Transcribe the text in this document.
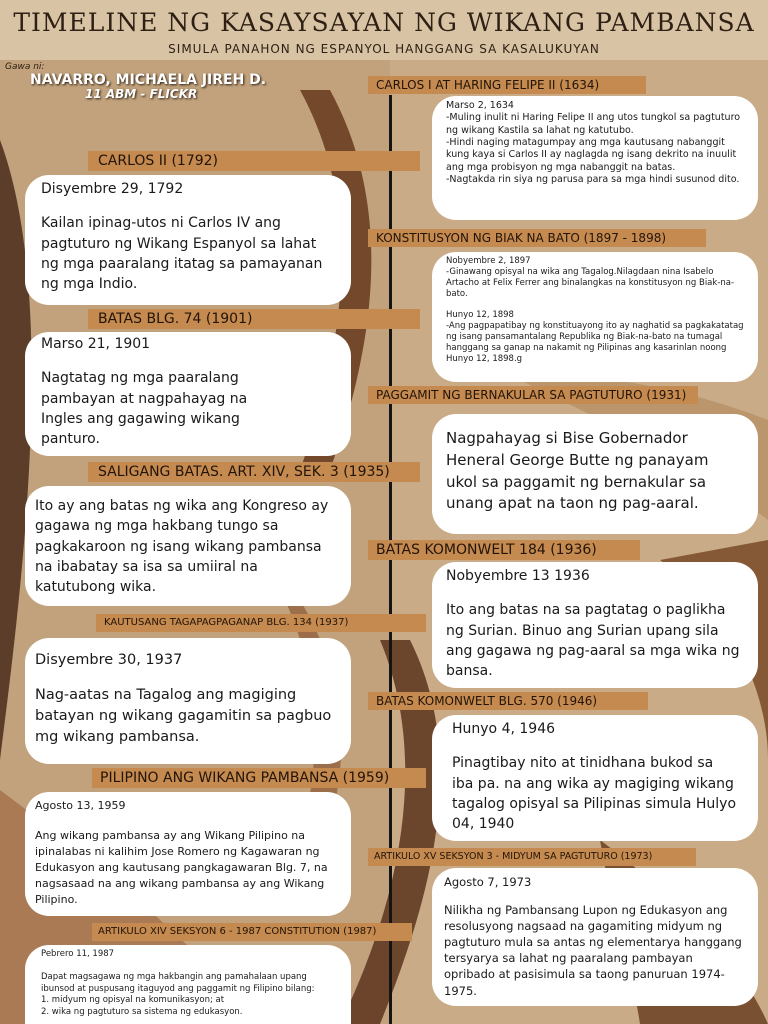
TIMELINE NG KASAYSAYAN NG WIKANG PAMBANSA
SIMULA PANAHON NG ESPANYOL HANGGANG SA KASALUKUYAN
Gawa ni:
NAVARRO, MICHAELA JIREH D.
11 ABM - FLICKR
CARLOS I AT HARING FELIPE II (1634)

Marso 2, 1634

-Muling inulit ni Haring Felipe II ang utos tungkol sa pagtuturo ng wikang Kastila sa lahat ng katutubo.
-Hindi naging matagumpay ang mga kautusang nabanggit kung kaya si Carlos II ay naglagda ng isang dekrito na inuulit ang mga probisyon ng mga nabanggit na batas.
-Nagtakda rin siya ng parusa para sa mga hindi susunod dito.

CARLOS II (1792)

Disyembre 29, 1792

Kailan ipinag-utos ni Carlos IV ang pagtuturo ng Wikang Espanyol sa lahat ng mga paaralang itatag sa pamayanan ng mga Indio.

KONSTITUSYON NG BIAK NA BATO (1897 - 1898)

Nobyembre 2, 1897

-Ginawang opisyal na wika ang Tagalog.Nilagdaan nina Isabelo Artacho at Felix Ferrer ang binalangkas na konstitusyon ng Biak-na-bato.

Hunyo 12, 1898

-Ang pagpapatibay ng konstituayong ito ay naghatid sa pagkakatatag ng isang pansamantalang Republika ng Biak-na-bato na tumagal hanggang sa ganap na nakamit ng Pilipinas ang kasarinlan noong Hunyo 12, 1898.g

BATAS BLG. 74 (1901)

Marso 21, 1901

Nagtatag ng mga paaralang pambayan at nagpahayag na Ingles ang gagawing wikang panturo.

PAGGAMIT NG BERNAKULAR SA PAGTUTURO (1931)

Nagpahayag si Bise Gobernador Heneral George Butte ng panayam ukol sa paggamit ng bernakular sa unang apat na taon ng pag-aaral.

SALIGANG BATAS. ART. XIV, SEK. 3 (1935)

Ito ay ang batas ng wika ang Kongreso ay gagawa ng mga hakbang tungo sa pagkakaroon ng isang wikang pambansa na ibabatay sa isa sa umiiral na katutubong wika.

BATAS KOMONWELT 184 (1936)

Nobyembre 13 1936

Ito ang batas na sa pagtatag o paglikha ng Surian. Binuo ang Surian upang sila ang gagawa ng pag-aaral sa mga wika ng bansa.

KAUTUSANG TAGAPAGPAGANAP BLG. 134 (1937)

Disyembre 30, 1937

Nag-aatas na Tagalog ang magiging batayan ng wikang gagamitin sa pagbuo mg wikang pambansa.

BATAS KOMONWELT BLG. 570 (1946)

Hunyo 4, 1946

Pinagtibay nito at tinidhana bukod sa iba pa. na ang wika ay magiging wikang tagalog opisyal sa Pilipinas simula Hulyo 04, 1940

PILIPINO ANG WIKANG PAMBANSA (1959)

Agosto 13, 1959

Ang wikang pambansa ay ang Wikang Pilipino na ipinalabas ni kalihim Jose Romero ng Kagawaran ng Edukasyon ang kautusang pangkagawaran Blg. 7, na nagsasaad na ang wikang pambansa ay ang Wikang Pilipino.

ARTIKULO XV SEKSYON 3 - MIDYUM SA PAGTUTURO (1973)

Agosto 7, 1973

Nilikha ng Pambansang Lupon ng Edukasyon ang resolusyong nagsaad na gagamiting midyum ng pagtuturo mula sa antas ng elementarya hanggang tersyarya sa lahat ng paaralang pambayan opribado at pasisimula sa taong panuruan 1974-1975.

ARTIKULO XIV SEKSYON 6 - 1987 CONSTITUTION (1987)

Pebrero 11, 1987

Dapat magsagawa ng mga hakbangin ang pamahalaan upang ibunsod at puspusang itaguyod ang paggamit ng Filipino bilang:
1. midyum ng opisyal na komunikasyon; at
2. wika ng pagtuturo sa sistema ng edukasyon.
